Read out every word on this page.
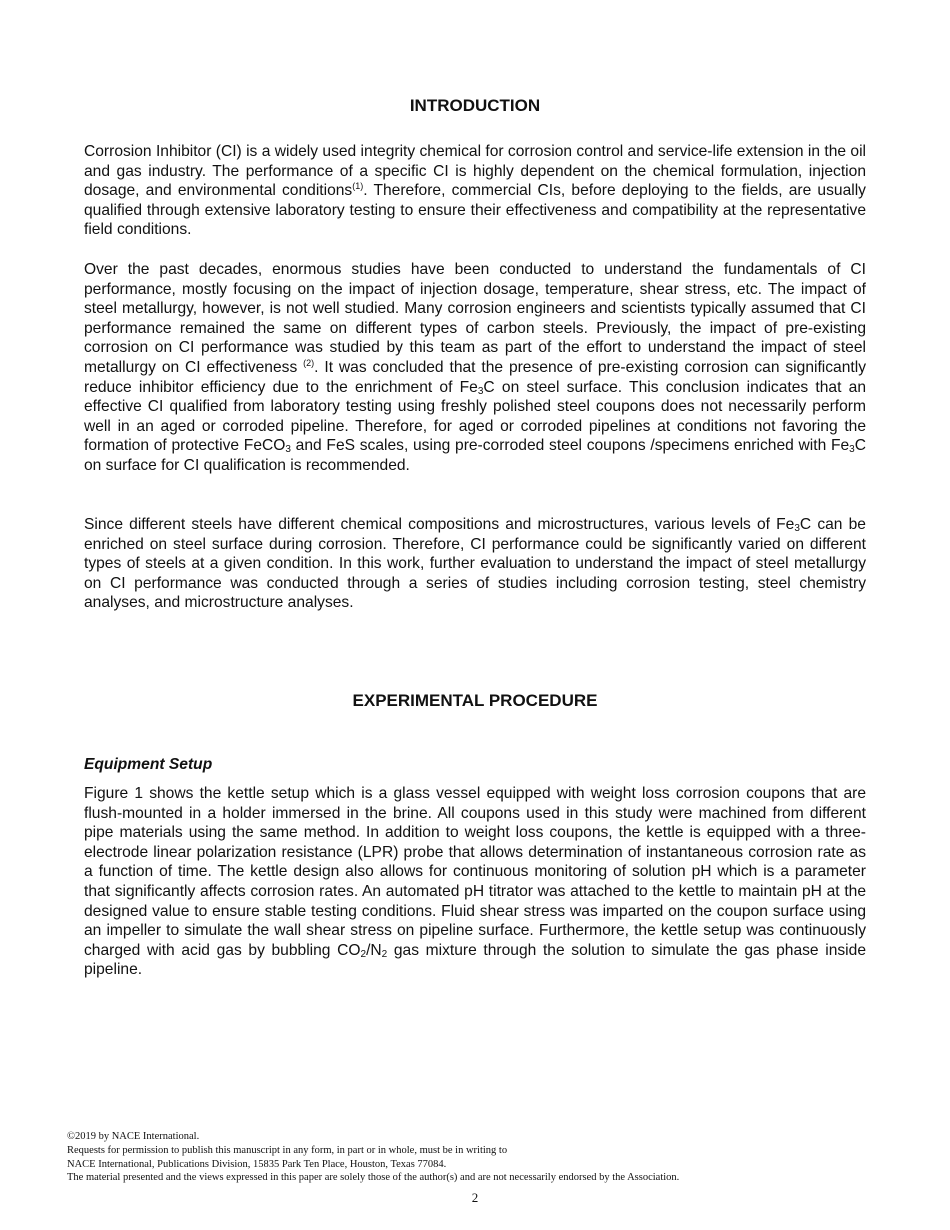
INTRODUCTION

Corrosion Inhibitor (CI) is a widely used integrity chemical for corrosion control and service-life extension in the oil and gas industry. The performance of a specific CI is highly dependent on the chemical formulation, injection dosage, and environmental conditions$^{(1)}$. Therefore, commercial CIs, before deploying to the fields, are usually qualified through extensive laboratory testing to ensure their effectiveness and compatibility at the representative field conditions.

Over the past decades, enormous studies have been conducted to understand the fundamentals of CI performance, mostly focusing on the impact of injection dosage, temperature, shear stress, etc. The impact of steel metallurgy, however, is not well studied. Many corrosion engineers and scientists typically assumed that CI performance remained the same on different types of carbon steels. Previously, the impact of pre-existing corrosion on CI performance was studied by this team as part of the effort to understand the impact of steel metallurgy on CI effectiveness $^{(2)}$. It was concluded that the presence of pre-existing corrosion can significantly reduce inhibitor efficiency due to the enrichment of $Fe_3C$ on steel surface. This conclusion indicates that an effective CI qualified from laboratory testing using freshly polished steel coupons does not necessarily perform well in an aged or corroded pipeline. Therefore, for aged or corroded pipelines at conditions not favoring the formation of protective FeCO$_3$ and FeS scales, using pre-corroded steel coupons /specimens enriched with $Fe_3C$ on surface for CI qualification is recommended.

Since different steels have different chemical compositions and microstructures, various levels of $Fe_3C$ can be enriched on steel surface during corrosion. Therefore, CI performance could be significantly varied on different types of steels at a given condition. In this work, further evaluation to understand the impact of steel metallurgy on CI performance was conducted through a series of studies including corrosion testing, steel chemistry analyses, and microstructure analyses.

EXPERIMENTAL PROCEDURE
Equipment Setup

Figure 1 shows the kettle setup which is a glass vessel equipped with weight loss corrosion coupons that are flush-mounted in a holder immersed in the brine. All coupons used in this study were machined from different pipe materials using the same method. In addition to weight loss coupons, the kettle is equipped with a three-electrode linear polarization resistance (LPR) probe that allows determination of instantaneous corrosion rate as a function of time. The kettle design also allows for continuous monitoring of solution pH which is a parameter that significantly affects corrosion rates. An automated pH titrator was attached to the kettle to maintain pH at the designed value to ensure stable testing conditions. Fluid shear stress was imparted on the coupon surface using an impeller to simulate the wall shear stress on pipeline surface. Furthermore, the kettle setup was continuously charged with acid gas by bubbling $CO_2/N_2$ gas mixture through the solution to simulate the gas phase inside pipeline.

©2019 by NACE International.
Requests for permission to publish this manuscript in any form, in part or in whole, must be in writing to
NACE International, Publications Division, 15835 Park Ten Place, Houston, Texas 77084.
The material presented and the views expressed in this paper are solely those of the author(s) and are not necessarily endorsed by the Association.
2
